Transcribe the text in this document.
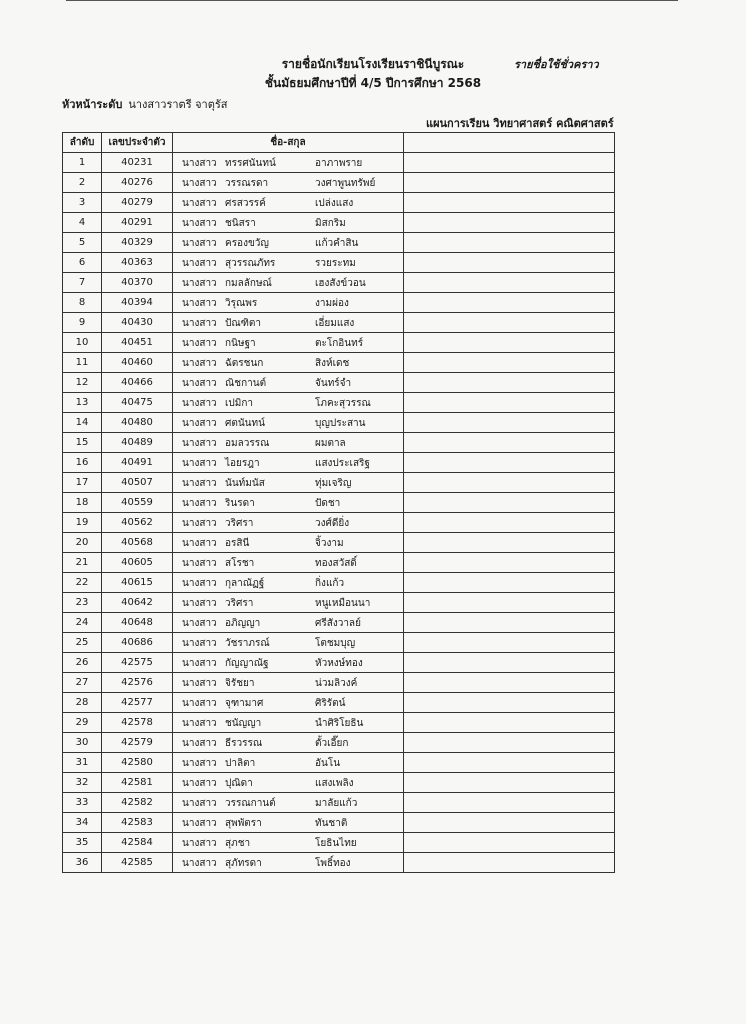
รายชื่อนักเรียนโรงเรียนราชินีบูรณะ	รายชื่อใช้ชั่วคราว
ชั้นมัธยมศึกษาปีที่ 4/5 ปีการศึกษา 2568
หัวหน้าระดับ นางสาวราตรี จาตุรัส
แผนการเรียน วิทยาศาสตร์ คณิตศาสตร์
ลำดับ	เลขประจำตัว	ชื่อ-สกุล	
1	40231	นางสาว ทรรศนันทน์ อาภาพราย	

2	40276	นางสาว วรรณรดา วงศาพูนทรัพย์	

3	40279	นางสาว ศรสวรรค์ เปล่งแสง	

4	40291	นางสาว ชนิสรา มิสกริม	

5	40329	นางสาว ครองขวัญ แก้วคำสิน	

6	40363	นางสาว สุวรรณภัทร รวยระทม	

7	40370	นางสาว กมลลักษณ์ เฮงสังข์วอน	

8	40394	นางสาว วิรุณพร งามผ่อง	

9	40430	นางสาว ปัณฑิตา เอี่ยมแสง	

10	40451	นางสาว กนิษฐา ตะโกอินทร์	

11	40460	นางสาว ฉัตรชนก สิงห์เดช	

12	40466	นางสาว ณิชกานต์ จันทร์จำ	

13	40475	นางสาว เปมิกา โภคะสุวรรณ	

14	40480	นางสาว ศตนันทน์ บุญประสาน	

15	40489	นางสาว อมลวรรณ ผมตาล	

16	40491	นางสาว ไอยรฎา แสงประเสริฐ	

17	40507	นางสาว นันท์มนัส ทุ่มเจริญ	

18	40559	นางสาว รินรดา ปัดชา	

19	40562	นางสาว วริศรา วงศ์ดียิ่ง	

20	40568	นางสาว อรสินี จิ้วงาม	

21	40605	นางสาว สโรชา ทองสวัสดิ์	

22	40615	นางสาว กุลาณัฏฐ์ กิ่งแก้ว	

23	40642	นางสาว วริศรา หนูเหมือนนา	

24	40648	นางสาว อภิญญา ศรีสังวาลย์	

25	40686	นางสาว วัชราภรณ์ โตชมบุญ	

26	42575	นางสาว กัญญาณัฐ หัวหงษ์ทอง	

27	42576	นางสาว จิรัชยา น่วมลิวงค์	

28	42577	นางสาว จุฑามาศ ศิริรัตน์	

29	42578	นางสาว ชนัญญา นำศิริโยธิน	

30	42579	นางสาว ธีรวรรณ ตั้วเอี๊ยก	

31	42580	นางสาว ปาลิตา อันโน	

32	42581	นางสาว ปุณิดา แสงเพลิง	

33	42582	นางสาว วรรณกานต์ มาลัยแก้ว	

34	42583	นางสาว สุพพัตรา ทันชาติ	

35	42584	นางสาว สุภชา โยธินไทย	

36	42585	นางสาว สุภัทรดา โพธิ์ทอง	
